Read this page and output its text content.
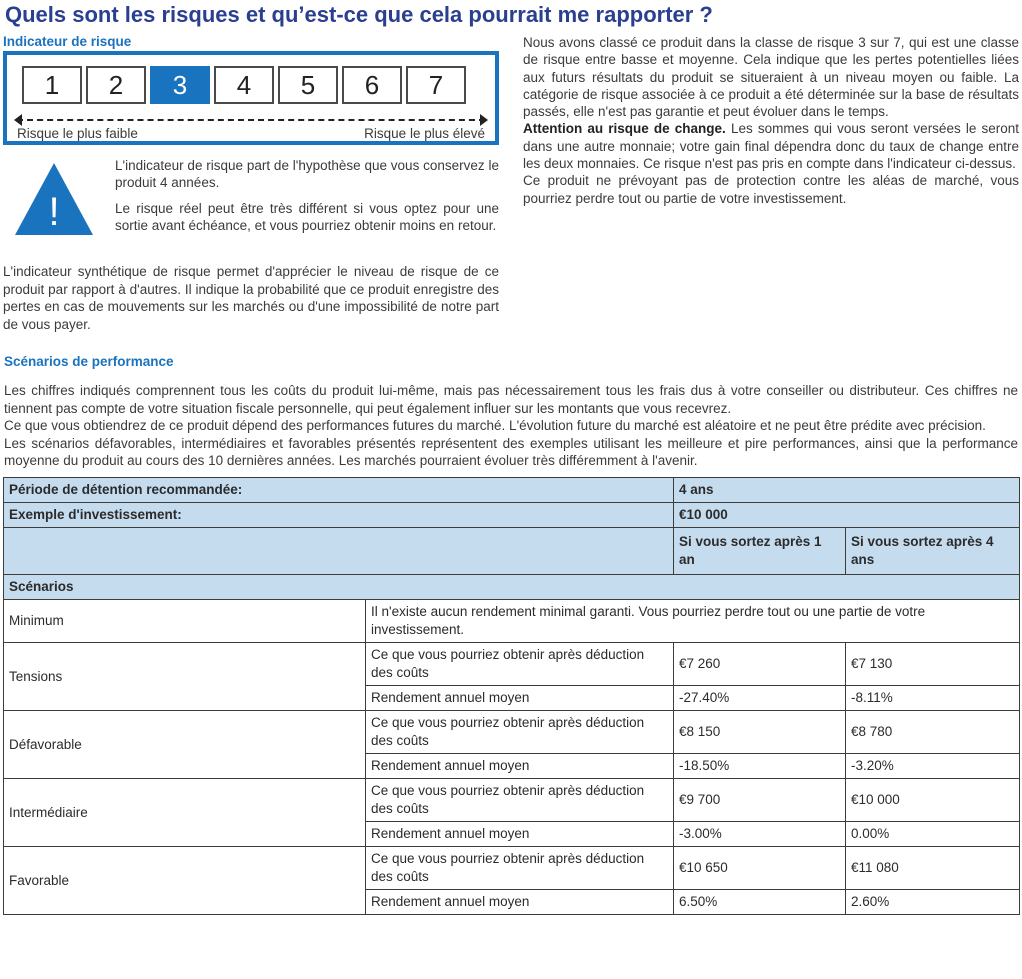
Quels sont les risques et qu’est-ce que cela pourrait me rapporter ?
Indicateur de risque
1	2	3	4	5	6	7
Risque le plus faible	Risque le plus élevé
!

L'indicateur de risque part de l'hypothèse que vous conservez le produit 4 années.

Le risque réel peut être très différent si vous optez pour une sortie avant échéance, et vous pourriez obtenir moins en retour.

L'indicateur synthétique de risque permet d'apprécier le niveau de risque de ce produit par rapport à d'autres. Il indique la probabilité que ce produit enregistre des pertes en cas de mouvements sur les marchés ou d'une impossibilité de notre part de vous payer.

Nous avons classé ce produit dans la classe de risque 3 sur 7, qui est une classe de risque entre basse et moyenne. Cela indique que les pertes potentielles liées aux futurs résultats du produit se situeraient à un niveau moyen ou faible. La catégorie de risque associée à ce produit a été déterminée sur la base de résultats passés, elle n'est pas garantie et peut évoluer dans le temps.

Attention au risque de change. Les sommes qui vous seront versées le seront dans une autre monnaie; votre gain final dépendra donc du taux de change entre les deux monnaies. Ce risque n'est pas pris en compte dans l'indicateur ci-dessus.

Ce produit ne prévoyant pas de protection contre les aléas de marché, vous pourriez perdre tout ou partie de votre investissement.

Scénarios de performance

Les chiffres indiqués comprennent tous les coûts du produit lui-même, mais pas nécessairement tous les frais dus à votre conseiller ou distributeur. Ces chiffres ne tiennent pas compte de votre situation fiscale personnelle, qui peut également influer sur les montants que vous recevrez.

Ce que vous obtiendrez de ce produit dépend des performances futures du marché. L'évolution future du marché est aléatoire et ne peut être prédite avec précision.

Les scénarios défavorables, intermédiaires et favorables présentés représentent des exemples utilisant les meilleure et pire performances, ainsi que la performance moyenne du produit au cours des 10 dernières années. Les marchés pourraient évoluer très différemment à l'avenir.

Période de détention recommandée:		4 ans	
Exemple d'investissement:		€10 000	
		Si vous sortez après 1 an	Si vous sortez après 4 ans
Scénarios			
Minimum	Il n'existe aucun rendement minimal garanti. Vous pourriez perdre tout ou une partie de votre investissement.		
Tensions	Ce que vous pourriez obtenir après déduction des coûts	€7 260	€7 130
	Rendement annuel moyen	-27.40%	-8.11%
Défavorable	Ce que vous pourriez obtenir après déduction des coûts	€8 150	€8 780
	Rendement annuel moyen	-18.50%	-3.20%
Intermédiaire	Ce que vous pourriez obtenir après déduction des coûts	€9 700	€10 000
	Rendement annuel moyen	-3.00%	0.00%
Favorable	Ce que vous pourriez obtenir après déduction des coûts	€10 650	€11 080
	Rendement annuel moyen	6.50%	2.60%
